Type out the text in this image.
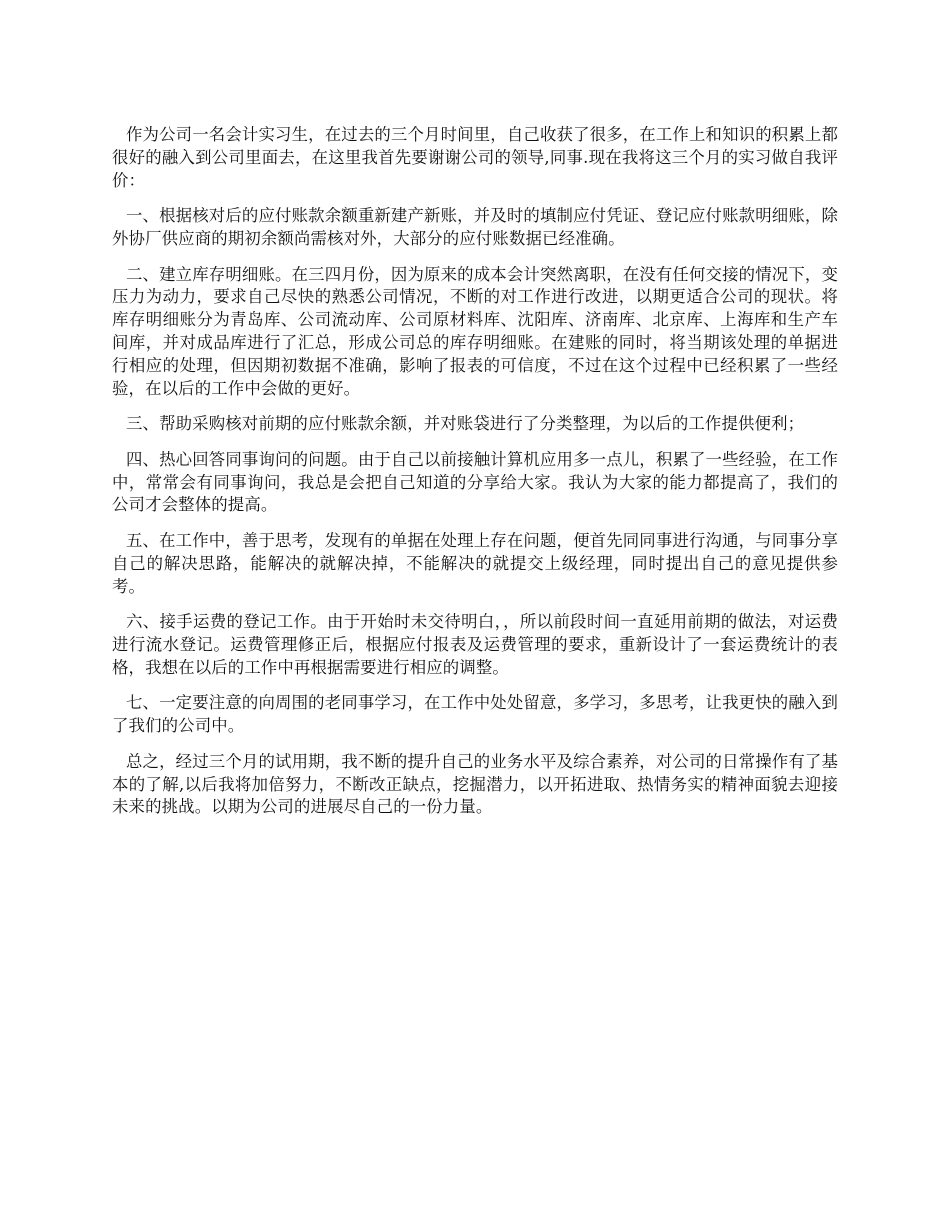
作为公司一名会计实习生，在过去的三个月时间里，自己收获了很多，在工作上和知识的积累上都很好的融入到公司里面去，在这里我首先要谢谢公司的领导,同事.现在我将这三个月的实习做自我评价：

一、根据核对后的应付账款余额重新建产新账，并及时的填制应付凭证、登记应付账款明细账，除外协厂供应商的期初余额尚需核对外，大部分的应付账数据已经准确。

二、建立库存明细账。在三四月份，因为原来的成本会计突然离职，在没有任何交接的情况下，变压力为动力，要求自己尽快的熟悉公司情况，不断的对工作进行改进，以期更适合公司的现状。将库存明细账分为青岛库、公司流动库、公司原材料库、沈阳库、济南库、北京库、上海库和生产车间库，并对成品库进行了汇总，形成公司总的库存明细账。在建账的同时，将当期该处理的单据进行相应的处理，但因期初数据不准确，影响了报表的可信度，不过在这个过程中已经积累了一些经验，在以后的工作中会做的更好。

三、帮助采购核对前期的应付账款余额，并对账袋进行了分类整理，为以后的工作提供便利；

四、热心回答同事询问的问题。由于自己以前接触计算机应用多一点儿，积累了一些经验，在工作中，常常会有同事询问，我总是会把自己知道的分享给大家。我认为大家的能力都提高了，我们的公司才会整体的提高。

五、在工作中，善于思考，发现有的单据在处理上存在问题，便首先同同事进行沟通，与同事分享自己的解决思路，能解决的就解决掉，不能解决的就提交上级经理，同时提出自己的意见提供参考。

六、接手运费的登记工作。由于开始时未交待明白，，所以前段时间一直延用前期的做法，对运费进行流水登记。运费管理修正后，根据应付报表及运费管理的要求，重新设计了一套运费统计的表格，我想在以后的工作中再根据需要进行相应的调整。

七、一定要注意的向周围的老同事学习，在工作中处处留意，多学习，多思考，让我更快的融入到了我们的公司中。

总之，经过三个月的试用期，我不断的提升自己的业务水平及综合素养，对公司的日常操作有了基本的了解,以后我将加倍努力，不断改正缺点，挖掘潜力，以开拓进取、热情务实的精神面貌去迎接未来的挑战。以期为公司的进展尽自己的一份力量。
